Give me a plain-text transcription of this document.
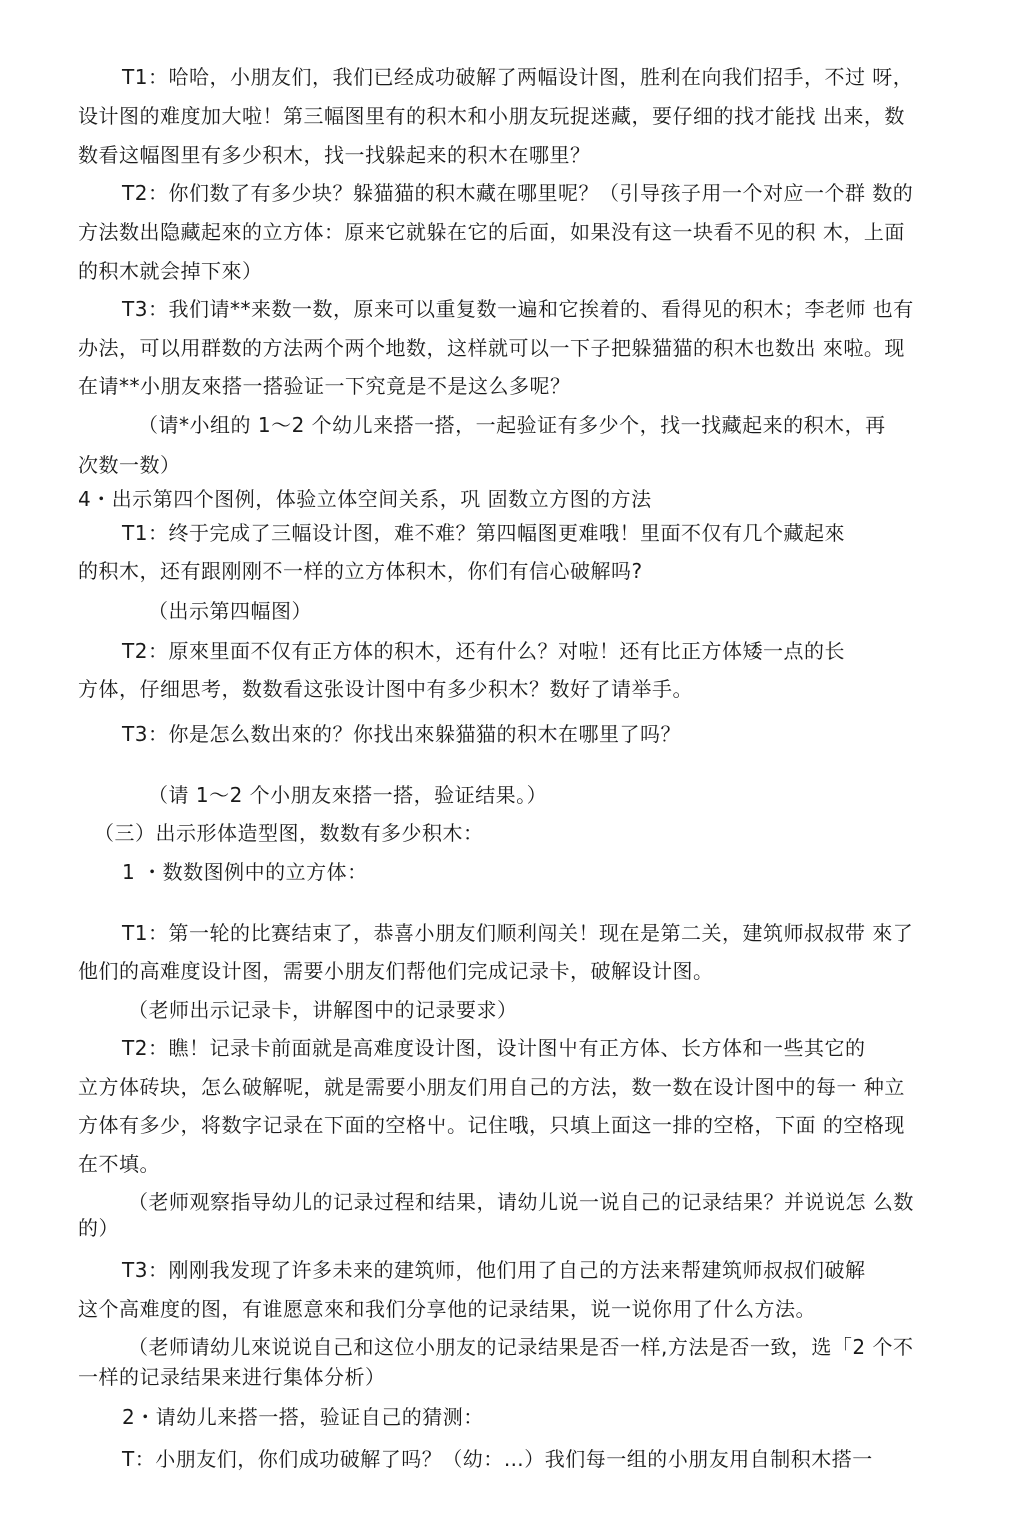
T1：哈哈，小朋友们，我们已经成功破解了两幅设计图，胜利在向我们招手，不过 呀，
设计图的难度加大啦！第三幅图里有的积木和小朋友玩捉迷藏，要仔细的找才能找 出来，数
数看这幅图里有多少积木，找一找躲起来的积木在哪里？
T2：你们数了有多少块？躲猫猫的积木藏在哪里呢？（引导孩子用一个对应一个群 数的
方法数出隐藏起來的立方体：原来它就躲在它的后面，如果没有这一块看不见的积 木，上面
的积木就会掉下來）
T3：我们请**来数一数，原来可以重复数一遍和它挨着的、看得见的积木；李老师 也有
办法，可以用群数的方法两个两个地数，这样就可以一下子把躲猫猫的积木也数出 來啦。现
在请**小朋友來搭一搭验证一下究竟是不是这么多呢？
（请*小组的 1～2 个幼儿来搭一搭，一起验证有多少个，找一找藏起来的积木，再
次数一数）
4・出示第四个图例，体验立体空间关系，巩 固数立方图的方法
T1：终于完成了三幅设计图，难不难？第四幅图更难哦！里面不仅有几个藏起來
的积木，还有跟刚刚不一样的立方体积木，你们有信心破解吗?
（出示第四幅图）
T2：原來里面不仅有正方体的积木，还有什么？对啦！还有比正方体矮一点的长
方体，仔细思考，数数看这张设计图中有多少积木？数好了请举手。
T3：你是怎么数出來的？你找出來躲猫猫的积木在哪里了吗？
（请 1～2 个小朋友來搭一搭，验证结果。）
（三）出示形体造型图，数数有多少积木：
1 ・数数图例中的立方体：
T1：第一轮的比赛结束了，恭喜小朋友们顺利闯关！现在是第二关，建筑师叔叔带 來了
他们的高难度设计图，需要小朋友们帮他们完成记录卡，破解设计图。
（老师出示记录卡，讲解图中的记录要求）
T2：瞧！记录卡前面就是高难度设计图，设计图屮有正方体、长方体和一些其它的
立方体砖块，怎么破解呢，就是需要小朋友们用自己的方法，数一数在设计图中的每一 种立
方体有多少，将数字记录在下面的空格屮。记住哦，只填上面这一排的空格，下面 的空格现
在不填。
（老师观察指导幼儿的记录过程和结果，请幼儿说一说自己的记录结果？并说说怎 么数
的）
T3：刚刚我发现了许多未来的建筑师，他们用了自己的方法来帮建筑师叔叔们破解
这个高难度的图，有谁愿意來和我们分享他的记录结果，说一说你用了什么方法。
（老师请幼儿來说说自己和这位小朋友的记录结果是否一样,方法是否一致，选「2 个不
一样的记录结果来进行集体分析）
2・请幼儿来搭一搭，验证自己的猜测：
T：小朋友们，你们成功破解了吗？（幼：…）我们每一组的小朋友用自制积木搭一
